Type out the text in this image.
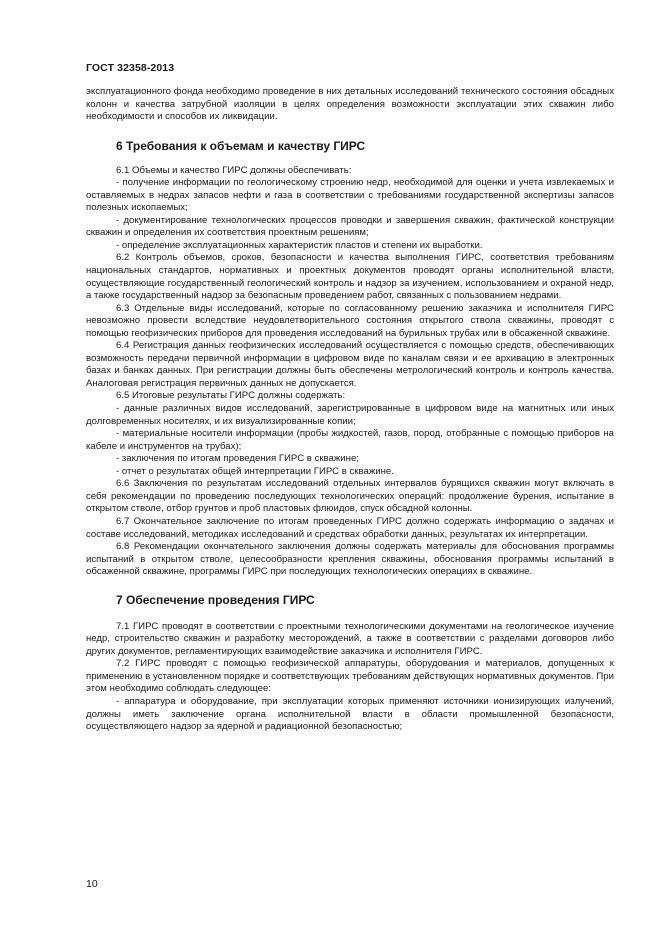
ГОСТ 32358-2013

эксплуатационного фонда необходимо проведение в них детальных исследований технического состояния обсадных колонн и качества затрубной изоляции в целях определения возможности эксплуатации этих скважин либо необходимости и способов их ликвидации.

6 Требования к объемам и качеству ГИРС

6.1 Объемы и качество ГИРС должны обеспечивать:

- получение информации по геологическому строению недр, необходимой для оценки и учета извлекаемых и оставляемых в недрах запасов нефти и газа в соответствии с требованиями государственной экспертизы запасов полезных ископаемых;

- документирование технологических процессов проводки и завершения скважин, фактической конструкции скважин и определения их соответствия проектным решениям;

- определение эксплуатационных характеристик пластов и степени их выработки.

6.2 Контроль объемов, сроков, безопасности и качества выполнения ГИРС, соответствия требованиям национальных стандартов, нормативных и проектных документов проводят органы исполнительной власти, осуществляющие государственный геологический контроль и надзор за изучением, использованием и охраной недр, а также государственный надзор за безопасным проведением работ, связанных с пользованием недрами.

6.3 Отдельные виды исследований, которые по согласованному решению заказчика и исполнителя ГИРС невозможно провести вследствие неудовлетворительного состояния открытого ствола скважины, проводят с помощью геофизических приборов для проведения исследований на бурильных трубах или в обсаженной скважине.

6.4 Регистрация данных геофизических исследований осуществляется с помощью средств, обеспечивающих возможность передачи первичной информации в цифровом виде по каналам связи и ее архивацию в электронных базах и банках данных. При регистрации должны быть обеспечены метрологический контроль и контроль качества. Аналоговая регистрация первичных данных не допускается.

6.5 Итоговые результаты ГИРС должны содержать:

- данные различных видов исследований, зарегистрированные в цифровом виде на магнитных или иных долговременных носителях, и их визуализированные копии;

- материальные носители информации (пробы жидкостей, газов, пород, отобранные с помощью приборов на кабеле и инструментов на трубах);

- заключения по итогам проведения ГИРС в скважине;

- отчет о результатах общей интерпретации ГИРС в скважине.

6.6 Заключения по результатам исследований отдельных интервалов бурящихся скважин могут включать в себя рекомендации по проведению последующих технологических операций: продолжение бурения, испытание в открытом стволе, отбор грунтов и проб пластовых флюидов, спуск обсадной колонны.

6.7 Окончательное заключение по итогам проведенных ГИРС должно содержать информацию о задачах и составе исследований, методиках исследований и средствах обработки данных, результатах их интерпретации.

6.8 Рекомендации окончательного заключения должны содержать материалы для обоснования программы испытаний в открытом стволе, целесообразности крепления скважины, обоснования программы испытаний в обсаженной скважине, программы ГИРС при последующих технологических операциях в скважине.

7 Обеспечение проведения ГИРС

7.1 ГИРС проводят в соответствии с проектными технологическими документами на геологическое изучение недр, строительство скважин и разработку месторождений, а также в соответствии с разделами договоров либо других документов, регламентирующих взаимодействие заказчика и исполнителя ГИРС.

7.2 ГИРС проводят с помощью геофизической аппаратуры, оборудования и материалов, допущенных к применению в установленном порядке и соответствующих требованиям действующих нормативных документов. При этом необходимо соблюдать следующее:

- аппаратура и оборудование, при эксплуатации которых применяют источники ионизирующих излучений, должны иметь заключение органа исполнительной власти в области промышленной безопасности, осуществляющего надзор за ядерной и радиационной безопасностью;

10
